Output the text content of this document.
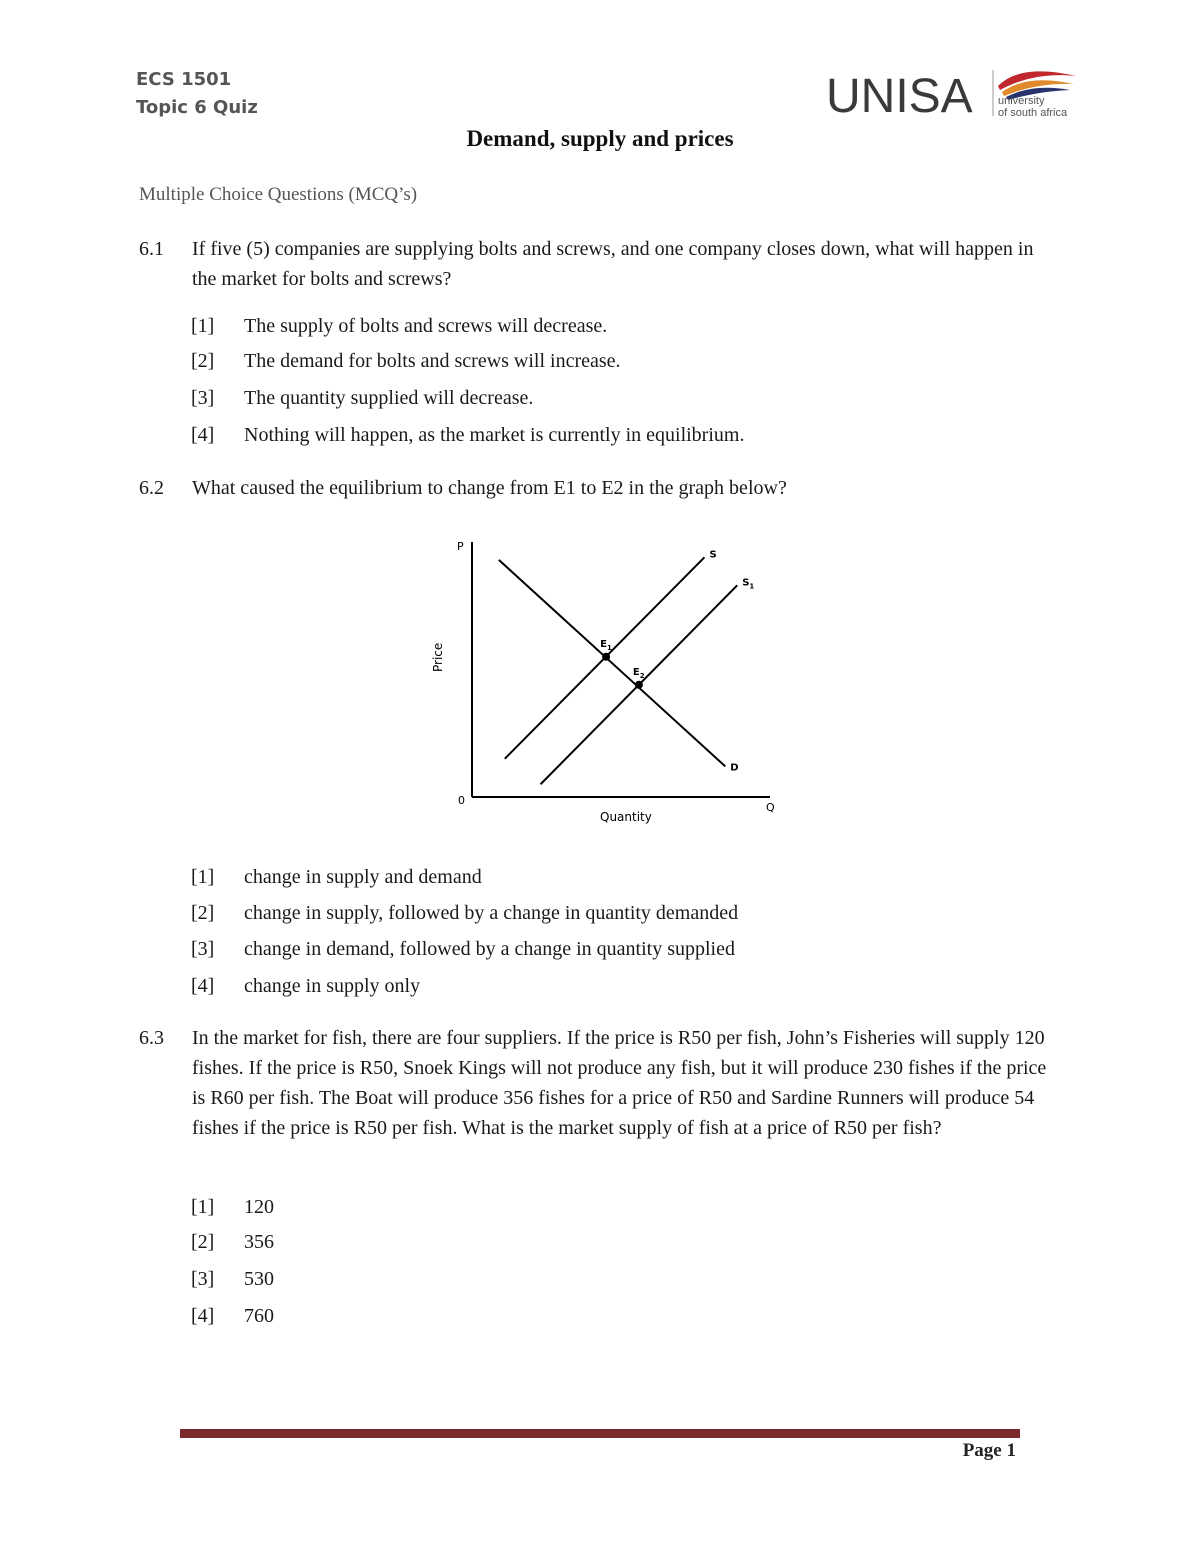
ECS 1501
Topic 6 Quiz	UNISA university
of south africa
Demand, supply and prices
Multiple Choice Questions (MCQ’s)
6.1 If five (5) companies are supplying bolts and screws, and one company closes down, what will happen in the market for bolts and screws?
[1] The supply of bolts and screws will decrease.
[2] The demand for bolts and screws will increase.
[3] The quantity supplied will decrease.
[4] Nothing will happen, as the market is currently in equilibrium.
6.2 What caused the equilibrium to change from E1 to E2 in the graph below?
P
Q
0
Quantity
Price
D
S
$S_1$
$E_1$
$E_2$
[1] change in supply and demand
[2] change in supply, followed by a change in quantity demanded
[3] change in demand, followed by a change in quantity supplied
[4] change in supply only
6.3 In the market for fish, there are four suppliers. If the price is R50 per fish, John’s Fisheries will supply 120 fishes. If the price is R50, Snoek Kings will not produce any fish, but it will produce 230 fishes if the price is R60 per fish. The Boat will produce 356 fishes for a price of R50 and Sardine Runners will produce 54 fishes if the price is R50 per fish. What is the market supply of fish at a price of R50 per fish?
[1] 120
[2] 356
[3] 530
[4] 760
Page 1
